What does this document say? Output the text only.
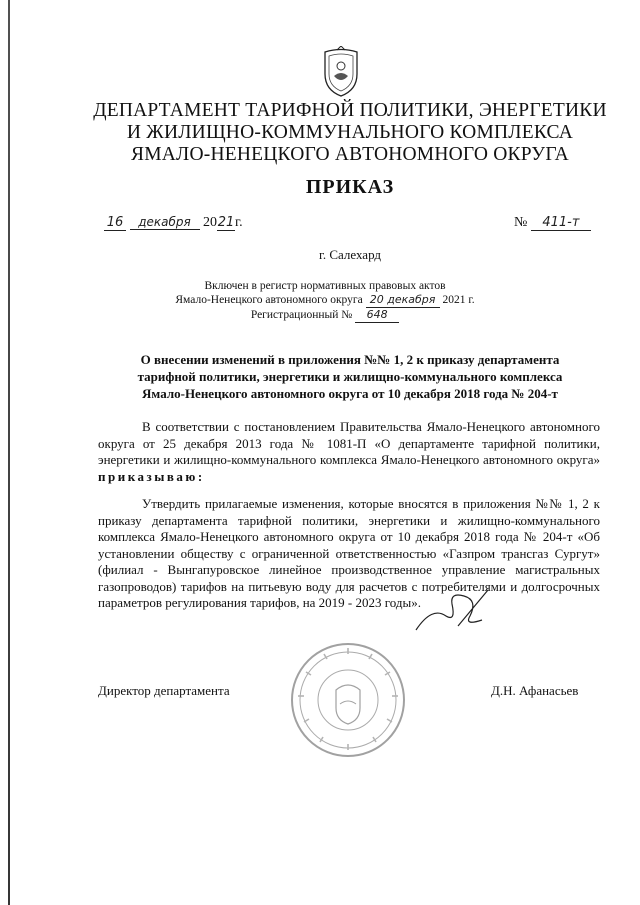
ДЕПАРТАМЕНТ ТАРИФНОЙ ПОЛИТИКИ, ЭНЕРГЕТИКИ
И ЖИЛИЩНО-КОММУНАЛЬНОГО КОМПЛЕКСА
ЯМАЛО-НЕНЕЦКОГО АВТОНОМНОГО ОКРУГА
ПРИКАЗ
16 декабря 2021г.	№ 411-т
г. Салехард
Включен в регистр нормативных правовых актов
Ямало-Ненецкого автономного округа 20 декабря 2021 г.
Регистрационный № 648
О внесении изменений в приложения №№ 1, 2 к приказу департамента
тарифной политики, энергетики и жилищно-коммунального комплекса
Ямало-Ненецкого автономного округа от 10 декабря 2018 года № 204-т
В соответствии с постановлением Правительства Ямало-Ненецкого автономного округа от 25 декабря 2013 года № 1081-П «О департаменте тарифной политики, энергетики и жилищно-коммунального комплекса Ямало-Ненецкого автономного округа» приказываю:
Утвердить прилагаемые изменения, которые вносятся в приложения №№ 1, 2 к приказу департамента тарифной политики, энергетики и жилищно-коммунального комплекса Ямало-Ненецкого автономного округа от 10 декабря 2018 года № 204-т «Об установлении обществу с ограниченной ответственностью «Газпром трансгаз Сургут» (филиал - Вынгапуровское линейное производственное управление магистральных газопроводов) тарифов на питьевую воду для расчетов с потребителями и долгосрочных параметров регулирования тарифов, на 2019 - 2023 годы».
Директор департамента	Д.Н. Афанасьев
